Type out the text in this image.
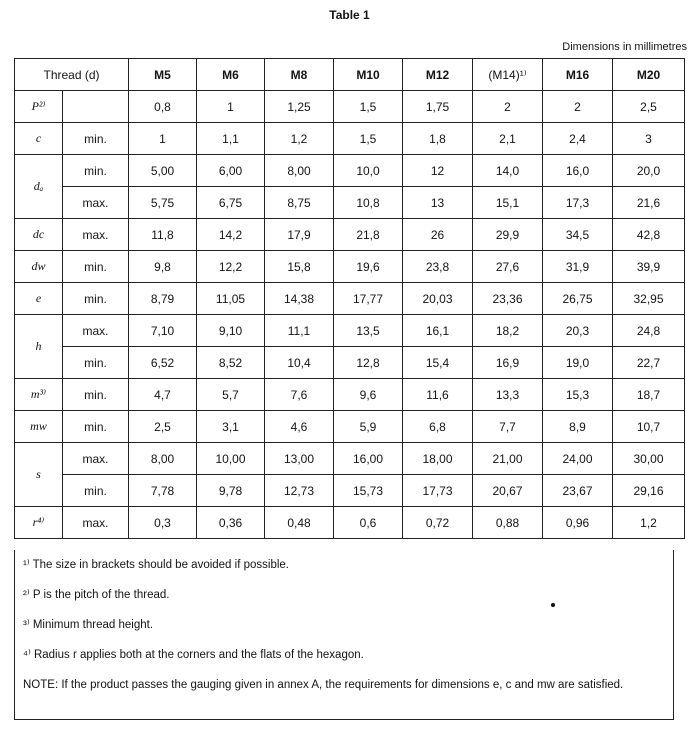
Table 1
Dimensions in millimetres
Thread (d)		M5	M6	M8	M10	M12	(M14)¹⁾	M16	M20
P²⁾		0,8	1	1,25	1,5	1,75	2	2	2,5
c	min.	1	1,1	1,2	1,5	1,8	2,1	2,4	3
dₐ	min.	5,00	6,00	8,00	10,0	12	14,0	16,0	20,0
	max.	5,75	6,75	8,75	10,8	13	15,1	17,3	21,6
dc	max.	11,8	14,2	17,9	21,8	26	29,9	34,5	42,8
dw	min.	9,8	12,2	15,8	19,6	23,8	27,6	31,9	39,9
e	min.	8,79	11,05	14,38	17,77	20,03	23,36	26,75	32,95
h	max.	7,10	9,10	11,1	13,5	16,1	18,2	20,3	24,8
	min.	6,52	8,52	10,4	12,8	15,4	16,9	19,0	22,7
m³⁾	min.	4,7	5,7	7,6	9,6	11,6	13,3	15,3	18,7
mw	min.	2,5	3,1	4,6	5,9	6,8	7,7	8,9	10,7
s	max.	8,00	10,00	13,00	16,00	18,00	21,00	24,00	30,00
	min.	7,78	9,78	12,73	15,73	17,73	20,67	23,67	29,16
r⁴⁾	max.	0,3	0,36	0,48	0,6	0,72	0,88	0,96	1,2

¹⁾ The size in brackets should be avoided if possible.

²⁾ P is the pitch of the thread.

³⁾ Minimum thread height.

⁴⁾ Radius r applies both at the corners and the flats of the hexagon.

NOTE: If the product passes the gauging given in annex A, the requirements for dimensions e, c and mw are satisfied.
